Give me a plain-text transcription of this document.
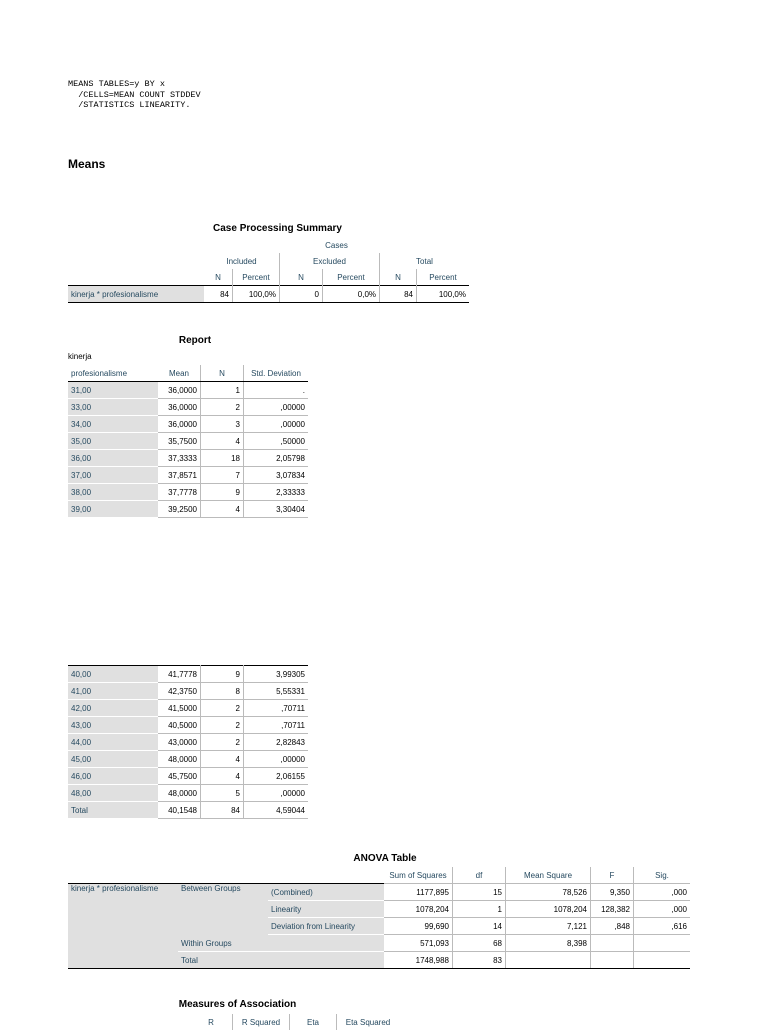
MEANS TABLES=y BY x
/CELLS=MEAN COUNT STDDEV
/STATISTICS LINEARITY.
Means
Case Processing Summary
	Cases					
	Included		Excluded		Total	
	N	Percent	N	Percent	N	Percent
kinerja * profesionalisme	84	100,0%	0	0,0%	84	100,0%
Report
kinerja
profesionalisme	Mean	N	Std. Deviation
31,00	36,0000	1	.
33,00	36,0000	2	,00000
34,00	36,0000	3	,00000
35,00	35,7500	4	,50000
36,00	37,3333	18	2,05798
37,00	37,8571	7	3,07834
38,00	37,7778	9	2,33333
39,00	39,2500	4	3,30404
40,00	41,7778	9	3,99305
41,00	42,3750	8	5,55331
42,00	41,5000	2	,70711
43,00	40,5000	2	,70711
44,00	43,0000	2	2,82843
45,00	48,0000	4	,00000
46,00	45,7500	4	2,06155
48,00	48,0000	5	,00000
Total	40,1548	84	4,59044
ANOVA Table
			Sum of Squares	df	Mean Square	F	Sig.
kinerja * profesionalisme	Between Groups	(Combined)	1177,895	15	78,526	9,350	,000
		Linearity	1078,204	1	1078,204	128,382	,000
		Deviation from Linearity	99,690	14	7,121	,848	,616
	Within Groups		571,093	68	8,398		
	Total		1748,988	83			
Measures of Association
R	R Squared	Eta	Eta Squared
